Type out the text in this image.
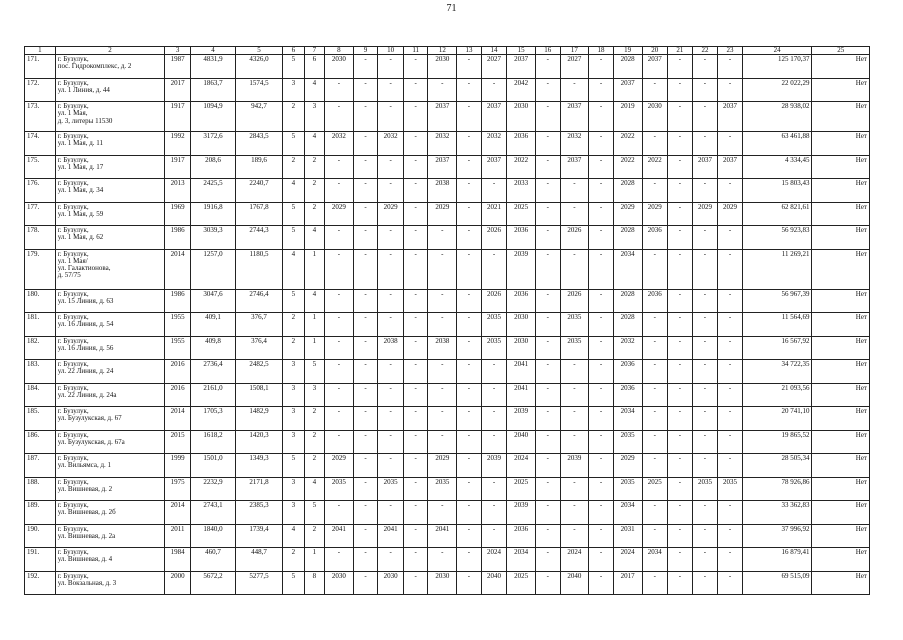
71
1	2	3	4	5	6	7	8	9	10	11	12	13	14	15	16	17	18	19	20	21	22	23	24	25
171.	г. Бузулук,
пос. Гидрокомплекс, д. 2	1987	4831,9	4326,0	5	6	2030	-	-	-	2030	-	2027	2037	-	2027	-	2028	2037	-	-	-	125 170,37	Нет
172.	г. Бузулук,
ул. 1 Линия, д. 44	2017	1863,7	1574,5	3	4	-	-	-	-	-	-	-	2042	-	-	-	2037	-	-	-	-	22 022,29	Нет
173.	г. Бузулук,
ул. 1 Мая,
д. 3, литеры 11530	1917	1094,9	942,7	2	3	-	-	-	-	2037	-	2037	2030	-	2037	-	2019	2030	-	-	2037	28 938,02	Нет
174.	г. Бузулук,
ул. 1 Мая, д. 11	1992	3172,6	2843,5	5	4	2032	-	2032	-	2032	-	2032	2036	-	2032	-	2022	-	-	-	-	63 461,88	Нет
175.	г. Бузулук,
ул. 1 Мая, д. 17	1917	208,6	189,6	2	2	-	-	-	-	2037	-	2037	2022	-	2037	-	2022	2022	-	2037	2037	4 334,45	Нет
176.	г. Бузулук,
ул. 1 Мая, д. 34	2013	2425,5	2240,7	4	2	-	-	-	-	2038	-	-	2033	-	-	-	2028	-	-	-	-	15 803,43	Нет
177.	г. Бузулук,
ул. 1 Мая, д. 59	1969	1916,8	1767,8	5	2	2029	-	2029	-	2029	-	2021	2025	-	-	-	2029	2029	-	2029	2029	62 821,61	Нет
178.	г. Бузулук,
ул. 1 Мая, д. 62	1986	3039,3	2744,3	5	4	-	-	-	-	-	-	2026	2036	-	2026	-	2028	2036	-	-	-	56 923,83	Нет
179.	г. Бузулук,
ул. 1 Мая/
ул. Галактионова,
д. 57/75	2014	1257,0	1180,5	4	1	-	-	-	-	-	-	-	2039	-	-	-	2034	-	-	-	-	11 269,21	Нет
180.	г. Бузулук,
ул. 15 Линия, д. 63	1986	3047,6	2746,4	5	4	-	-	-	-	-	-	2026	2036	-	2026	-	2028	2036	-	-	-	56 967,39	Нет
181.	г. Бузулук,
ул. 16 Линия, д. 54	1955	409,1	376,7	2	1	-	-	-	-	-	-	2035	2030	-	2035	-	2028	-	-	-	-	11 564,69	Нет
182.	г. Бузулук,
ул. 16 Линия, д. 56	1955	409,8	376,4	2	1	-	-	2038	-	2038	-	2035	2030	-	2035	-	2032	-	-	-	-	16 567,92	Нет
183.	г. Бузулук,
ул. 22 Линия, д. 24	2016	2736,4	2482,5	3	5	-	-	-	-	-	-	-	2041	-	-	-	2036	-	-	-	-	34 722,35	Нет
184.	г. Бузулук,
ул. 22 Линия, д. 24а	2016	2161,0	1508,1	3	3	-	-	-	-	-	-	-	2041	-	-	-	2036	-	-	-	-	21 093,56	Нет
185.	г. Бузулук,
ул. Бузулукская, д. 67	2014	1705,3	1482,9	3	2	-	-	-	-	-	-	-	2039	-	-	-	2034	-	-	-	-	20 741,10	Нет
186.	г. Бузулук,
ул. Бузулукская, д. 67а	2015	1618,2	1420,3	3	2	-	-	-	-	-	-	-	2040	-	-	-	2035	-	-	-	-	19 865,52	Нет
187.	г. Бузулук,
ул. Вильямса, д. 1	1999	1501,0	1349,3	5	2	2029	-	-	-	2029	-	2039	2024	-	2039	-	2029	-	-	-	-	28 505,34	Нет
188.	г. Бузулук,
ул. Вишневая, д. 2	1975	2232,9	2171,8	3	4	2035	-	2035	-	2035	-	-	2025	-	-	-	2035	2025	-	2035	2035	78 926,86	Нет
189.	г. Бузулук,
ул. Вишневая, д. 2б	2014	2743,1	2385,3	3	5	-	-	-	-	-	-	-	2039	-	-	-	2034	-	-	-	-	33 362,83	Нет
190.	г. Бузулук,
ул. Вишневая, д. 2а	2011	1840,0	1739,4	4	2	2041	-	2041	-	2041	-	-	2036	-	-	-	2031	-	-	-	-	37 996,92	Нет
191.	г. Бузулук,
ул. Вишневая, д. 4	1984	460,7	448,7	2	1	-	-	-	-	-	-	2024	2034	-	2024	-	2024	2034	-	-	-	16 879,41	Нет
192.	г. Бузулук,
ул. Вокзальная, д. 3	2000	5672,2	5277,5	5	8	2030	-	2030	-	2030	-	2040	2025	-	2040	-	2017	-	-	-	-	69 515,09	Нет
